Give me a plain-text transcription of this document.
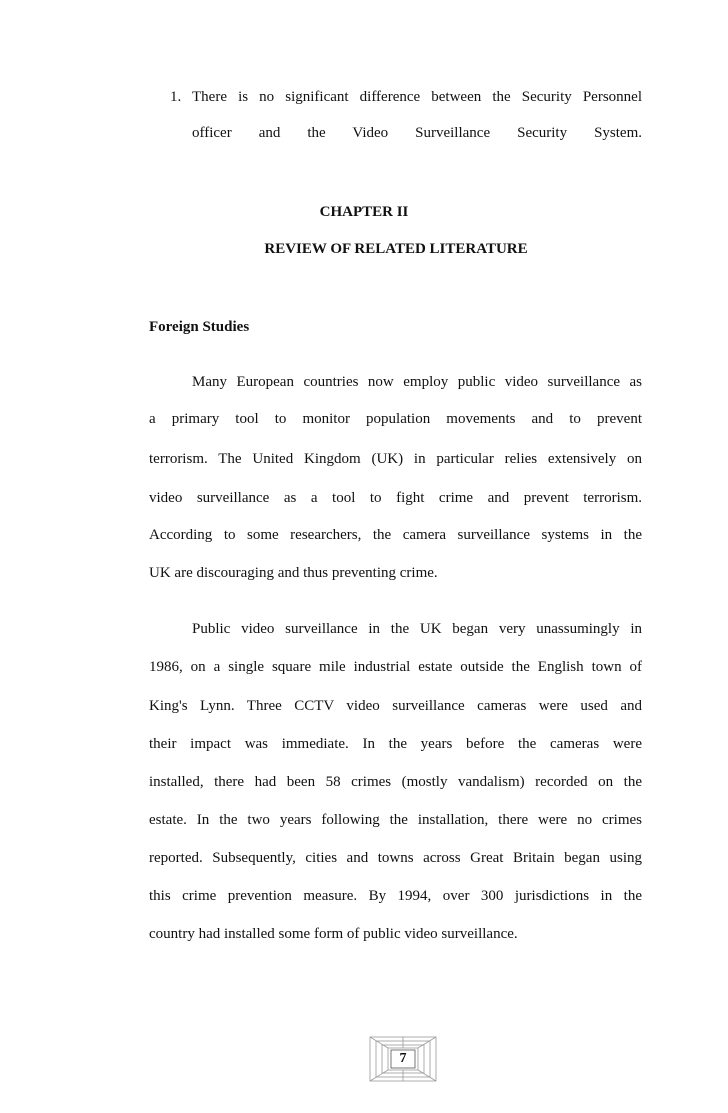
1. There is no significant difference between the Security Personnel
officer and the Video Surveillance Security System.
CHAPTER II
REVIEW OF RELATED LITERATURE
Foreign Studies
Many European countries now employ public video surveillance as
a primary tool to monitor population movements and to prevent
terrorism. The United Kingdom (UK) in particular relies extensively on
video surveillance as a tool to fight crime and prevent terrorism.
According to some researchers, the camera surveillance systems in the
UK are discouraging and thus preventing crime.
Public video surveillance in the UK began very unassumingly in
1986, on a single square mile industrial estate outside the English town of
King's Lynn. Three CCTV video surveillance cameras were used and
their impact was immediate. In the years before the cameras were
installed, there had been 58 crimes (mostly vandalism) recorded on the
estate. In the two years following the installation, there were no crimes
reported. Subsequently, cities and towns across Great Britain began using
this crime prevention measure. By 1994, over 300 jurisdictions in the
country had installed some form of public video surveillance.
7
